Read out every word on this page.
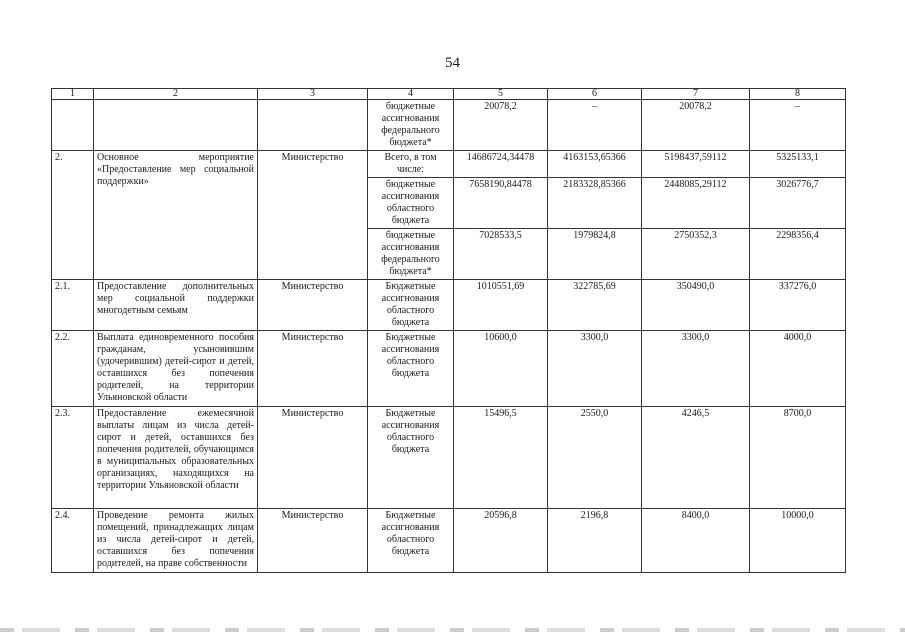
54
1	2	3	4	5	6	7	8
			бюджетные ассигнования федерального бюджета*	20078,2	–	20078,2	–
2.	Основное мероприятие «Предоставление мер социальной поддержки»	Министерство	Всего, в том числе:	14686724,34478	4163153,65366	5198437,59112	5325133,1
			бюджетные ассигнования областного бюджета	7658190,84478	2183328,85366	2448085,29112	3026776,7
			бюджетные ассигнования федерального бюджета*	7028533,5	1979824,8	2750352,3	2298356,4
2.1.	Предоставление дополнительных мер социальной поддержки многодетным семьям	Министерство	Бюджетные ассигнования областного бюджета	1010551,69	322785,69	350490,0	337276,0
2.2.	Выплата единовременного пособия гражданам, усыновившим (удочерившим) детей-сирот и детей, оставшихся без попечения родителей, на территории Ульяновской области	Министерство	Бюджетные ассигнования областного бюджета	10600,0	3300,0	3300,0	4000,0
2.3.	Предоставление ежемесячной выплаты лицам из числа детей-сирот и детей, оставшихся без попечения родителей, обучающимся в муниципальных образовательных организациях, находящихся на территории Ульяновской области	Министерство	Бюджетные ассигнования областного бюджета	15496,5	2550,0	4246,5	8700,0
2.4.	Проведение ремонта жилых помещений, принадлежащих лицам из числа детей-сирот и детей, оставшихся без попечения родителей, на праве собственности	Министерство	Бюджетные ассигнования областного бюджета	20596,8	2196,8	8400,0	10000,0
